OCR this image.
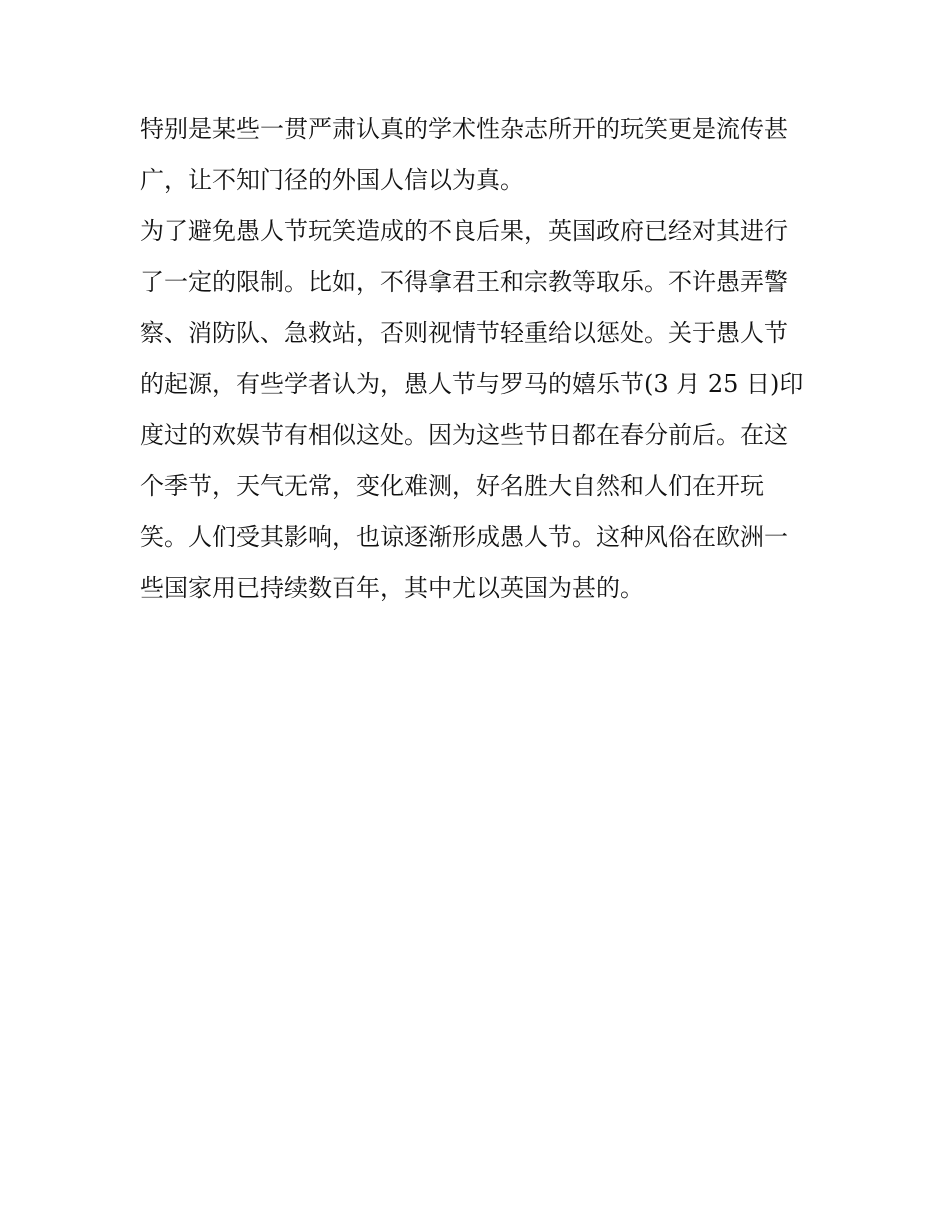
特别是某些一贯严肃认真的学术性杂志所开的玩笑更是流传甚
广，让不知门径的外国人信以为真。
为了避免愚人节玩笑造成的不良后果，英国政府已经对其进行
了一定的限制。比如，不得拿君王和宗教等取乐。不许愚弄警
察、消防队、急救站，否则视情节轻重给以惩处。关于愚人节
的起源，有些学者认为，愚人节与罗马的嬉乐节(3 月 25 日)印
度过的欢娱节有相似这处。因为这些节日都在春分前后。在这
个季节，天气无常，变化难测，好名胜大自然和人们在开玩
笑。人们受其影响，也谅逐渐形成愚人节。这种风俗在欧洲一
些国家用已持续数百年，其中尤以英国为甚的。
